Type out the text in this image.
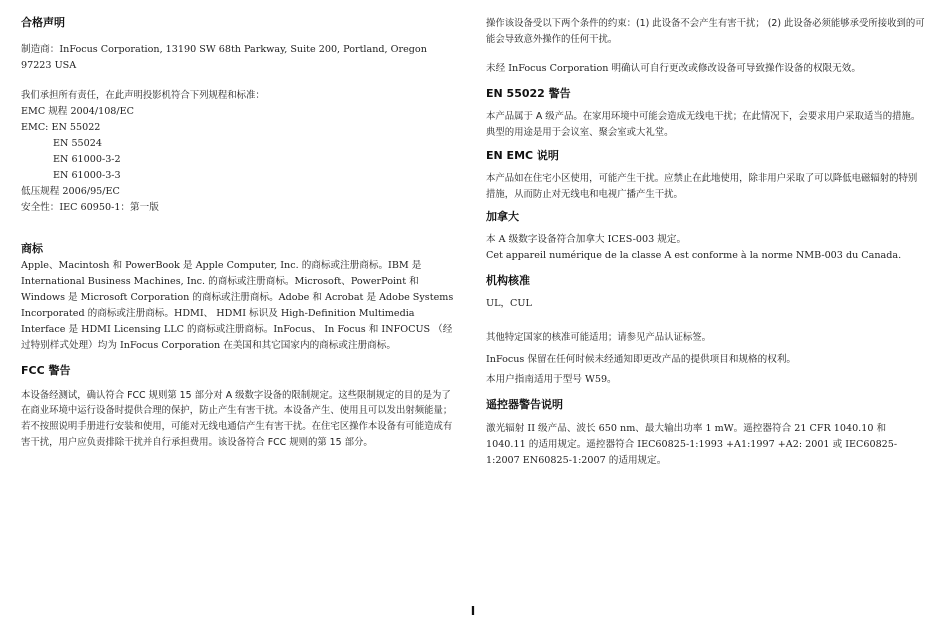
合格声明

制造商：InFocus Corporation, 13190 SW 68th Parkway, Suite 200, Portland, Oregon 97223 USA

我们承担所有责任，在此声明投影机符合下列规程和标准：

EMC 规程 2004/108/EC

EMC: EN 55022

EN 55024

EN 61000-3-2

EN 61000-3-3

低压规程 2006/95/EC

安全性：IEC 60950-1：第一版

商标

Apple、Macintosh 和 PowerBook 是 Apple Computer, Inc. 的商标或注册商标。IBM 是 International Business Machines, Inc. 的商标或注册商标。Microsoft、PowerPoint 和 Windows 是 Microsoft Corporation 的商标或注册商标。Adobe 和 Acrobat 是 Adobe Systems Incorporated 的商标或注册商标。HDMI、 HDMI 标识及 High-Definition Multimedia Interface 是 HDMI Licensing LLC 的商标或注册商标。InFocus、 In Focus 和 INFOCUS （经过特别样式处理）均为 InFocus Corporation 在美国和其它国家内的商标或注册商标。

FCC 警告

本设备经测试，确认符合 FCC 规则第 15 部分对 A 级数字设备的限制规定。这些限制规定的目的是为了在商业环境中运行设备时提供合理的保护，防止产生有害干扰。本设备产生、使用且可以发出射频能量；若不按照说明手册进行安装和使用，可能对无线电通信产生有害干扰。在住宅区操作本设备有可能造成有害干扰，用户应负责排除干扰并自行承担费用。该设备符合 FCC 规则的第 15 部分。

操作该设备受以下两个条件的约束：(1) 此设备不会产生有害干扰； (2) 此设备必须能够承受所接收到的可能会导致意外操作的任何干扰。

未经 InFocus Corporation 明确认可自行更改或修改设备可导致操作设备的权限无效。

EN 55022 警告

本产品属于 A 级产品。在家用环境中可能会造成无线电干扰；在此情况下，会要求用户采取适当的措施。典型的用途是用于会议室、聚会室或大礼堂。

EN EMC 说明

本产品如在住宅小区使用，可能产生干扰。应禁止在此地使用，除非用户采取了可以降低电磁辐射的特别措施，从而防止对无线电和电视广播产生干扰。

加拿大

本 A 级数字设备符合加拿大 ICES-003 规定。

Cet appareil numérique de la classe A est conforme à la norme NMB-003 du Canada.

机构核准

UL，CUL

其他特定国家的核准可能适用；请参见产品认证标签。

InFocus 保留在任何时候未经通知即更改产品的提供项目和规格的权利。

本用户指南适用于型号 W59。

遥控器警告说明

激光辐射 II 级产品、波长 650 nm、最大输出功率 1 mW。遥控器符合 21 CFR 1040.10 和 1040.11 的适用规定。遥控器符合 IEC60825-1:1993 +A1:1997 +A2: 2001 或 IEC60825-1:2007 EN60825-1:2007 的适用规定。

I
